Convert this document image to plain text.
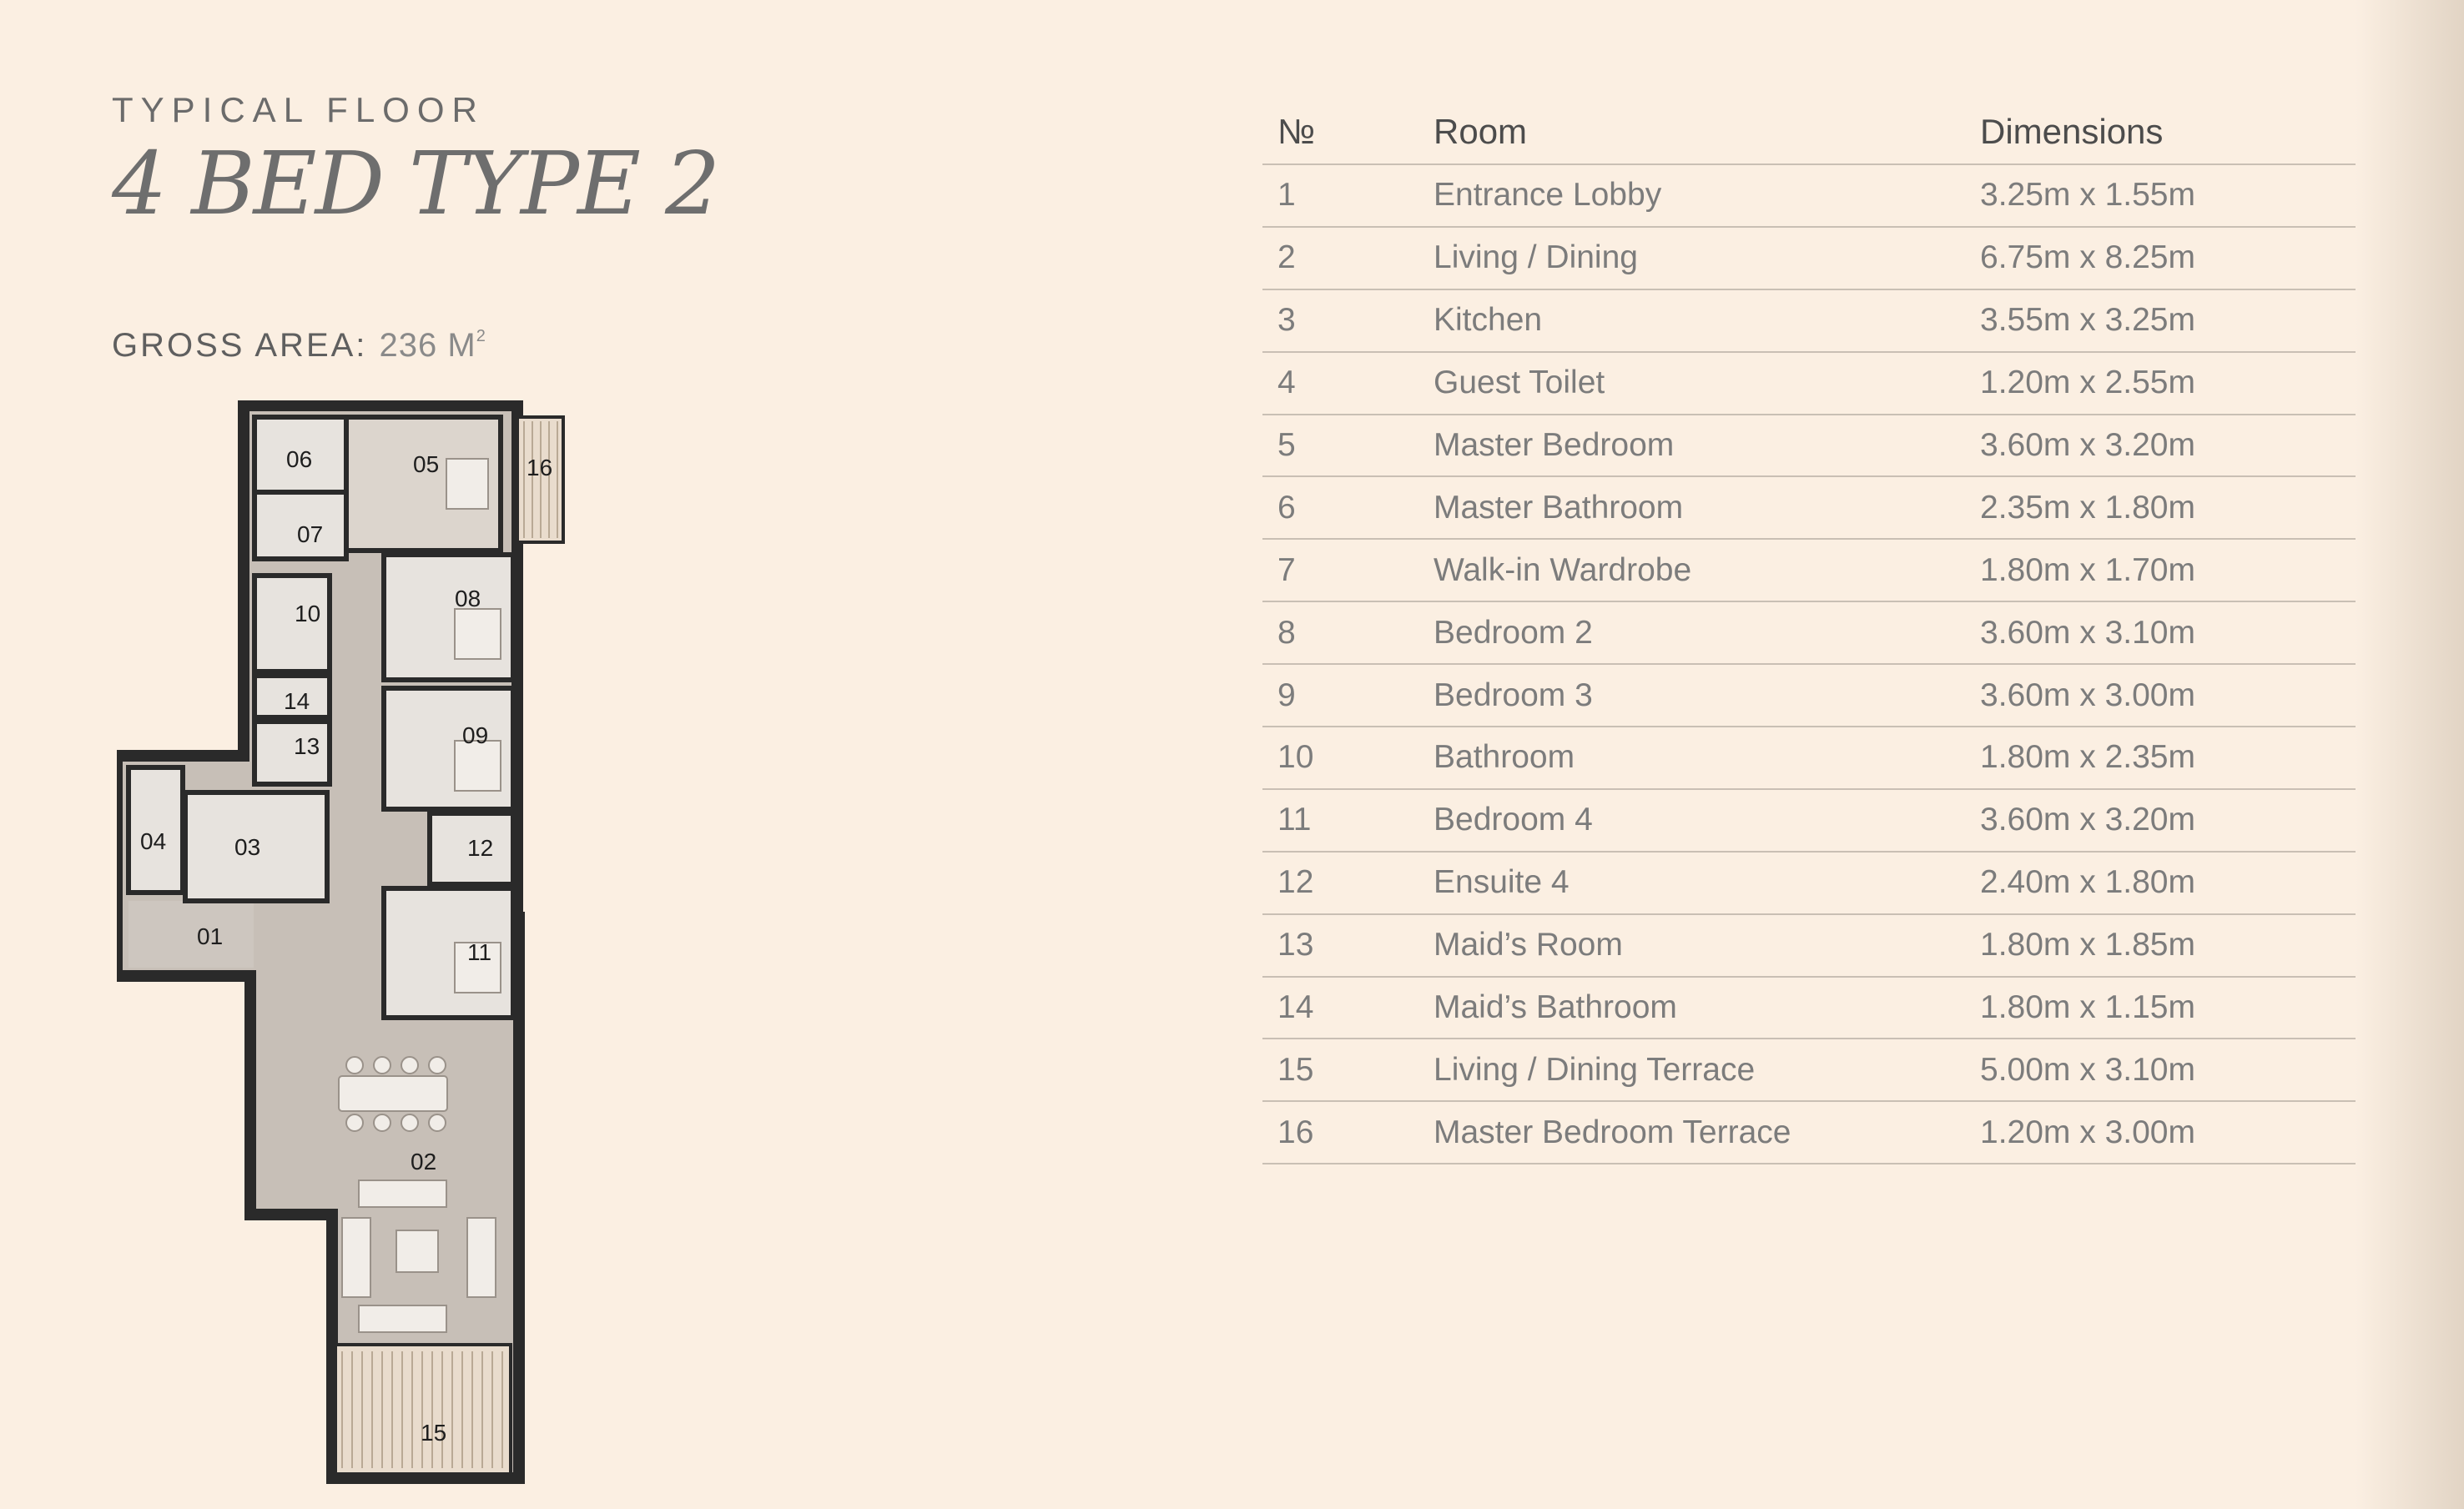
TYPICAL FLOOR
4 BED TYPE 2
GROSS AREA: 236 $M^2$
05
06	16
07
08
10
14
13	09
04	03	12
01
11
02
15
№	Room	Dimensions
1	Entrance Lobby	3.25m x 1.55m
2	Living / Dining	6.75m x 8.25m
3	Kitchen	3.55m x 3.25m
4	Guest Toilet	1.20m x 2.55m
5	Master Bedroom	3.60m x 3.20m
6	Master Bathroom	2.35m x 1.80m
7	Walk-in Wardrobe	1.80m x 1.70m
8	Bedroom 2	3.60m x 3.10m
9	Bedroom 3	3.60m x 3.00m
10	Bathroom	1.80m x 2.35m
11	Bedroom 4	3.60m x 3.20m
12	Ensuite 4	2.40m x 1.80m
13	Maid’s Room	1.80m x 1.85m
14	Maid’s Bathroom	1.80m x 1.15m
15	Living / Dining Terrace	5.00m x 3.10m
16	Master Bedroom Terrace	1.20m x 3.00m
